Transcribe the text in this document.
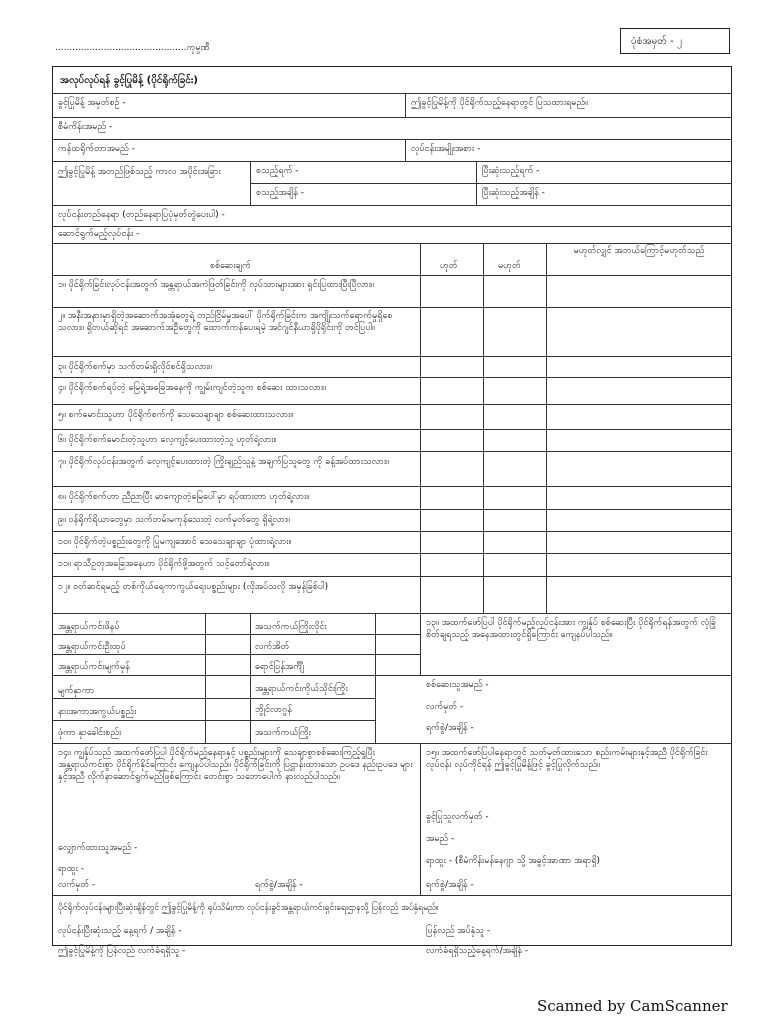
..............................................ကုမ္ပဏီ
ပုံစံအမှတ် - ၂
အလုပ်လုပ်ရန် ခွင့်ပြုမိန့် (ပိုင်ရိုက်ခြင်း)
ခွင့်ပြုမိန့် အမှတ်စဉ် -	ဤခွင့်ပြုမိန့်ကို ပိုင်ရိုက်သည့်နေရာတွင် ပြသထားရမည်။
စီမံကိန်းအမည် -
ကန်ထရိုက်တာအမည် -	လုပ်ငန်းအမျိုးအစား -
ဤခွင့်ပြုမိန့် အတည်ဖြစ်သည့် ကာလ အပိုင်းအခြား	စသည့်ရက် -	ပြီးဆုံးသည့်ရက် -
စသည့်အချိန် -	ပြီးဆုံးသည့်အချိန် -
လုပ်ငန်းတည်နေရာ (တည်နေရာပြပုံမှတ်တွဲပေးပါ) -
ဆောင်ရွက်မည့်လုပ်ငန်း -
စစ်ဆေးချက်	ဟုတ်	မဟုတ်
မဟုတ်လျှင် အဘယ်ကြောင့်မဟုတ်သည်
၁။ ပိုင်ရိုက်ခြင်းလုပ်ငန်းအတွက် အန္တရာယ်အကဲဖြတ်ခြင်းကို လုပ်သားများအား ရှင်းပြထားပြီးပြီလား။
၂။ အနီးအနားမှာရှိတဲ့အဆောက်အအုံတွေရဲ့ တည်ငြိမ်မှုအပေါ် ပိုက်ရိုက်ခြင်းက အကျိုးသက်ရောက်မှုရှိစေသလား။ ရှိတယ်ဆိုရင် အဆောက်အဦတွေကို ထောက်ကန်ပေးရမဲ့ အင်ဂျင်နီယာရှိပိုရိုင်းကို တင်ပြပါ။
၃။ ပိုင်ရိုက်စက်မှာ သက်တမ်းရှိလိုင်စင်ရှိသလား။
၄။ ပိုင်ရိုက်စက်ရပ်တဲ့ မြေရဲ့အခြေအနေကို ကျွမ်းကျင်တဲ့သူက စစ်ဆေး ထားသလား။
၅။ စက်မောင်းသူဟာ ပိုင်ရိုက်စက်ကို သေသေချာချာ စစ်ဆေးထားသလား။
၆။ ပိုင်ရိုက်စက်မောင်းတဲ့သူဟာ လေ့ကျင့်ပေးထားတဲ့သူ ဟုတ်ရဲ့လား။
၇။ ပိုင်ရိုက်လုပ်ငန်းအတွက် လေ့ကျင့်ပေးထားတဲ့ ကြိုးချည်သူနဲ့ အချက်ပြသူတွေ ကို ခန့်အပ်ထားသလား။
၈။ ပိုင်ရိုက်စက်ဟာ ညီညာပြီး မာကျောတဲ့မြေပေါ်မှာ ရပ်ထားတာ ဟုတ်ရဲ့လား။
၉။ ဝန်ရိုက်ရိယာတွေမှာ သက်တမ်းမကုန်သေးတဲ့ လက်မှတ်တွေ ရှိရဲ့လား။
၁၀။ ပိုင်ရိုက်တဲ့ပစ္စည်းတွေကို ပြုမကျအောင် သေသေချာချာ ပုံထားရဲ့လား။
၁၁။ ရာသီဥတုအခြေအနေဟာ ပိုင်ရိုက်ဖို့အတွက် သင့်တော်ရဲ့လား။
၁၂။ ဝတ်ဆင်ရမည့် တစ်ကိုယ်ရေကာကွယ်ရေးပစ္စည်းများ (လိုအပ်သလို အမှန်ခြစ်ပါ)
အန္တရာယ်ကင်းဖိနပ်	အသက်ကယ်ကြိုးလိုင်း
အန္တရာယ်ကင်းဦးထုပ်	လက်အိတ်
အန္တရာယ်ကင်းမျက်မှန်	ရောင်ပြန်အင်္ကျီ
မျက်နှာကာ	အန္တရာယ်ကင်းကိုယ်သိုင်းကြိုး
နားအကာအကွယ်ပစ္စည်း	ဘွိုင်လာဂွန်
ဖုံကာ နှာခေါင်းစည်း	အသက်ကယ်ကြိုး
၁၃။ အထက်ဖော်ပြပါ ပိုင်ရိုက်မည့်လုပ်ငန်းအား ကျွန်ုပ် စစ်ဆေးပြီး ပိုင်ရိုက်ရန်အတွက် လုံခြုံစိတ်ချရသည့် အနေအထားတွင်ရှိကြောင်း ကျေနပ်ပါသည်။
စစ်ဆေးသူအမည် -
လက်မှတ် -
ရက်စွဲ/အချိန် -
၁၄။ ကျွန်ုပ်သည် အထက်ဖော်ပြပါ ပိုင်ရိုက်မည့်နေရာနှင့် ပစ္စည်းများကို သေချာစွာစစ်ဆေးကြည့်ရှုပြီး အန္တရာယ်ကင်းစွာ ပိုင်ရိုက်နိုင်ကြောင်း ကျေနပ်ပါသည်။ ပိုင်ရိုက်ခြင်းကို ပြဋ္ဌာန်းထားသော ဥပဒေ နည်းဥပဒေ များနှင့်အညီ လိုက်နာဆောင်ရွက်မည်ဖြစ်ကြောင်း ဝောင်းစွာ သဘောပေါက် နားလည်ပါသည်။
လျှောက်ထားသူအမည် -
ရာထူး -
လက်မှတ် -	ရက်စွဲ/အချိန် -
၁၅။ အထက်ဖော်ပြပါနေရာတွင် သတ်မှတ်ထားသော စည်းကမ်းများနှင့်အညီ ပိုင်ရိုက်ခြင်းလုပ်ငန်း လုပ်ကိုင်ရန် ဤခွင့်ပြုမိန့်ဖြင့် ခွင့်ပြုလိုက်သည်။
ခွင့်ပြုသူလက်မှတ် -
အမည် -
ရာထူး - (စီမံကိန်းမန်နေဂျာ သို့ အခွင့်အာဏာ အရာရှိ)
ရက်စွဲ/အချိန် -
ပိုင်ရိုက်လုပ်ငန်းများပြီးဆုံးချိန်တွင် ဤခွင့်ပြုမိန့်ကို ရုပ်သိမ်းကာ လုပ်ငန်းခွင်အန္တရာယ်ကင်းရှင်းရေးဌာနသို့ ပြန်လည် အပ်နှံရမည်။
လုပ်ငန်းပြီးဆုံးသည့် နေ့ရက် / အချိန် -	ပြန်လည် အပ်နှံသူ -
ဤခွင့်ပြုမိန့်ကို ပြန်လည် လက်ခံရရှိသူ -	လက်ခံရရှိသည့်နေ့ရက်/အချိန် -
Scanned by CamScanner
